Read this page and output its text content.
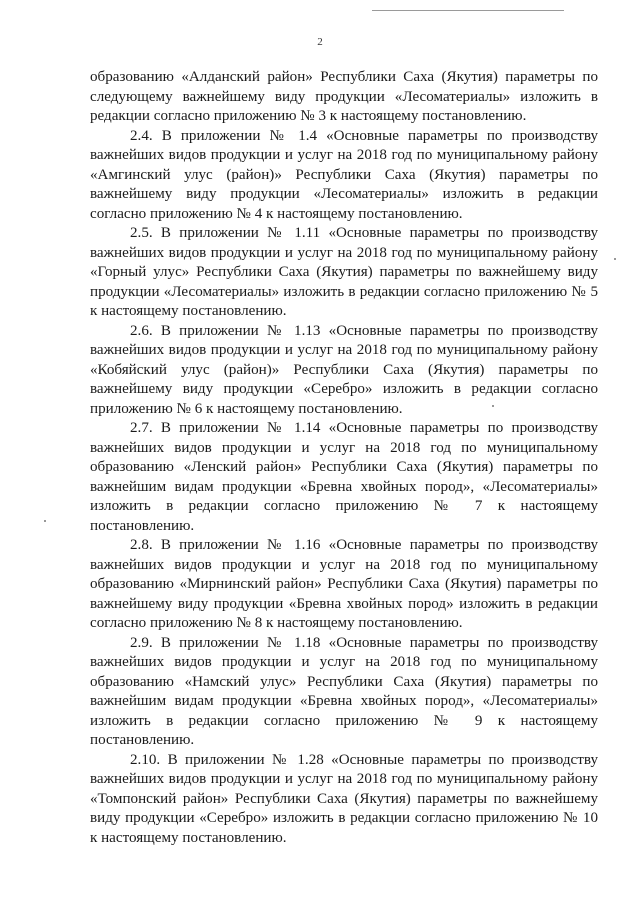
2

образованию «Алданский район» Республики Саха (Якутия) параметры по следующему важнейшему виду продукции «Лесоматериалы» изложить в редакции согласно приложению № 3 к настоящему постановлению.

2.4. В приложении № 1.4 «Основные параметры по производству важнейших видов продукции и услуг на 2018 год по муниципальному району «Амгинский улус (район)» Республики Саха (Якутия) параметры по важнейшему виду продукции «Лесоматериалы» изложить в редакции согласно приложению № 4 к настоящему постановлению.

2.5. В приложении № 1.11 «Основные параметры по производству важнейших видов продукции и услуг на 2018 год по муниципальному району «Горный улус» Республики Саха (Якутия) параметры по важнейшему виду продукции «Лесоматериалы» изложить в редакции согласно приложению № 5 к настоящему постановлению.

2.6. В приложении № 1.13 «Основные параметры по производству важнейших видов продукции и услуг на 2018 год по муниципальному району «Кобяйский улус (район)» Республики Саха (Якутия) параметры по важнейшему виду продукции «Серебро» изложить в редакции согласно приложению № 6 к настоящему постановлению.

2.7. В приложении № 1.14 «Основные параметры по производству важнейших видов продукции и услуг на 2018 год по муниципальному образованию «Ленский район» Республики Саха (Якутия) параметры по важнейшим видам продукции «Бревна хвойных пород», «Лесоматериалы» изложить в редакции согласно приложению № 7 к настоящему постановлению.

2.8. В приложении № 1.16 «Основные параметры по производству важнейших видов продукции и услуг на 2018 год по муниципальному образованию «Мирнинский район» Республики Саха (Якутия) параметры по важнейшему виду продукции «Бревна хвойных пород» изложить в редакции согласно приложению № 8 к настоящему постановлению.

2.9. В приложении № 1.18 «Основные параметры по производству важнейших видов продукции и услуг на 2018 год по муниципальному образованию «Намский улус» Республики Саха (Якутия) параметры по важнейшим видам продукции «Бревна хвойных пород», «Лесоматериалы» изложить в редакции согласно приложению № 9 к настоящему постановлению.

2.10. В приложении № 1.28 «Основные параметры по производству важнейших видов продукции и услуг на 2018 год по муниципальному району «Томпонский район» Республики Саха (Якутия) параметры по важнейшему виду продукции «Серебро» изложить в редакции согласно приложению № 10 к настоящему постановлению.
